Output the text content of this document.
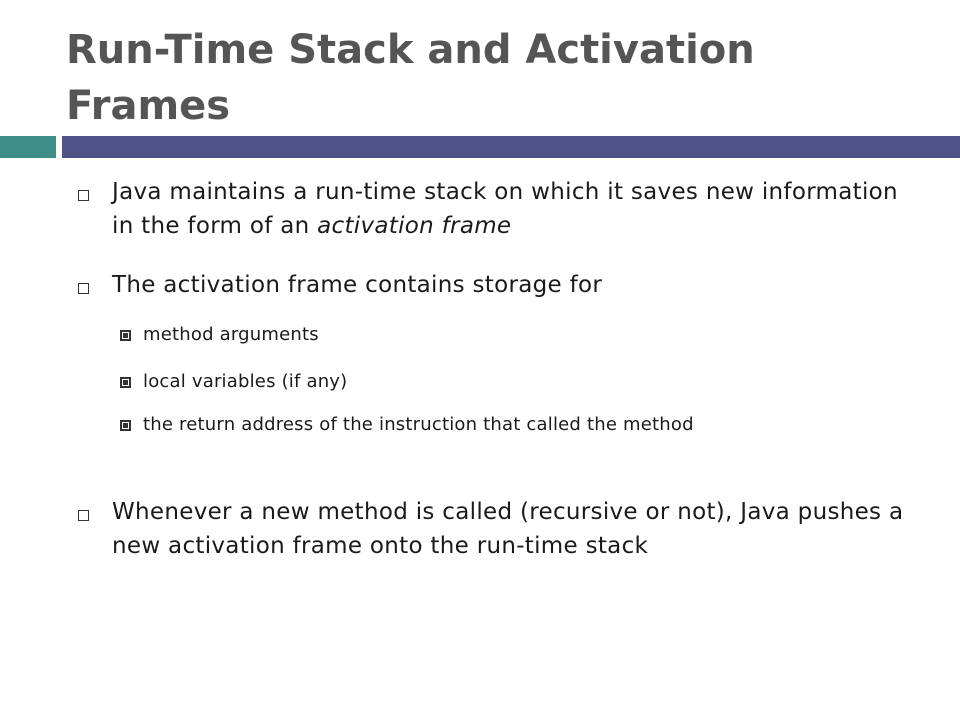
Run-Time Stack and Activation Frames
Java maintains a run-time stack on which it saves new information in the form of an activation frame
The activation frame contains storage for
method arguments
local variables (if any)
the return address of the instruction that called the method
Whenever a new method is called (recursive or not), Java pushes a new activation frame onto the run-time stack
